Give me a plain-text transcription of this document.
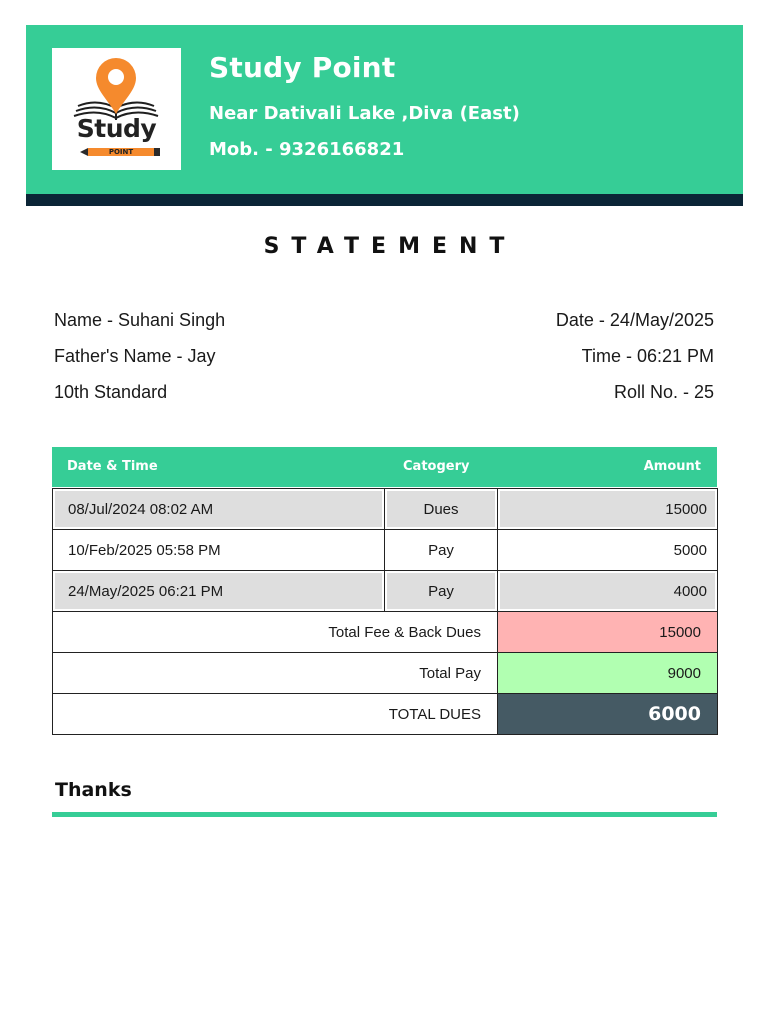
Study
POINT
Study Point
Near Dativali Lake ,Diva (East)
Mob. - 9326166821
STATEMENT
Name - Suhani Singh
Father's Name - Jay
10th Standard
Date - 24/May/2025
Time - 06:21 PM
Roll No. - 25
Date & Time	Catogery	Amount
08/Jul/2024 08:02 AM	Dues	15000

10/Feb/2025 05:58 PM	Pay	5000

24/May/2025 06:21 PM	Pay	4000

Total Fee & Back Dues		15000

Total Pay		9000

TOTAL DUES		6000
Thanks
